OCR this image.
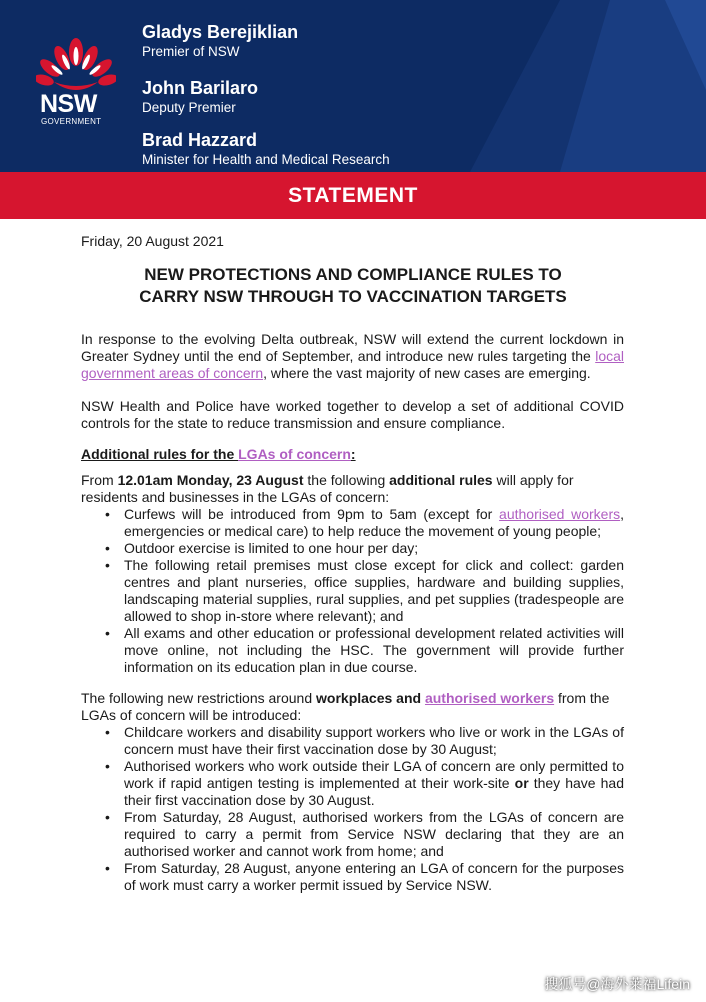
NSW
GOVERNMENT
Gladys Berejiklian
Premier of NSW
John Barilaro
Deputy Premier
Brad Hazzard
Minister for Health and Medical Research
STATEMENT
Friday, 20 August 2021
NEW PROTECTIONS AND COMPLIANCE RULES TO
CARRY NSW THROUGH TO VACCINATION TARGETS
In response to the evolving Delta outbreak, NSW will extend the current lockdown in Greater Sydney until the end of September, and introduce new rules targeting the local government areas of concern, where the vast majority of new cases are emerging.
NSW Health and Police have worked together to develop a set of additional COVID controls for the state to reduce transmission and ensure compliance.
Additional rules for the LGAs of concern:

From 12.01am Monday, 23 August the following additional rules will apply for residents and businesses in the LGAs of concern:

• Curfews will be introduced from 9pm to 5am (except for authorised workers, emergencies or medical care) to help reduce the movement of young people;
• Outdoor exercise is limited to one hour per day;
• The following retail premises must close except for click and collect: garden centres and plant nurseries, office supplies, hardware and building supplies, landscaping material supplies, rural supplies, and pet supplies (tradespeople are allowed to shop in-store where relevant); and
• All exams and other education or professional development related activities will move online, not including the HSC. The government will provide further information on its education plan in due course.

The following new restrictions around workplaces and authorised workers from the LGAs of concern will be introduced:

• Childcare workers and disability support workers who live or work in the LGAs of concern must have their first vaccination dose by 30 August;
• Authorised workers who work outside their LGA of concern are only permitted to work if rapid antigen testing is implemented at their work-site or they have had their first vaccination dose by 30 August.
• From Saturday, 28 August, authorised workers from the LGAs of concern are required to carry a permit from Service NSW declaring that they are an authorised worker and cannot work from home; and
• From Saturday, 28 August, anyone entering an LGA of concern for the purposes of work must carry a worker permit issued by Service NSW.
搜狐号@海外莱福Lifein
